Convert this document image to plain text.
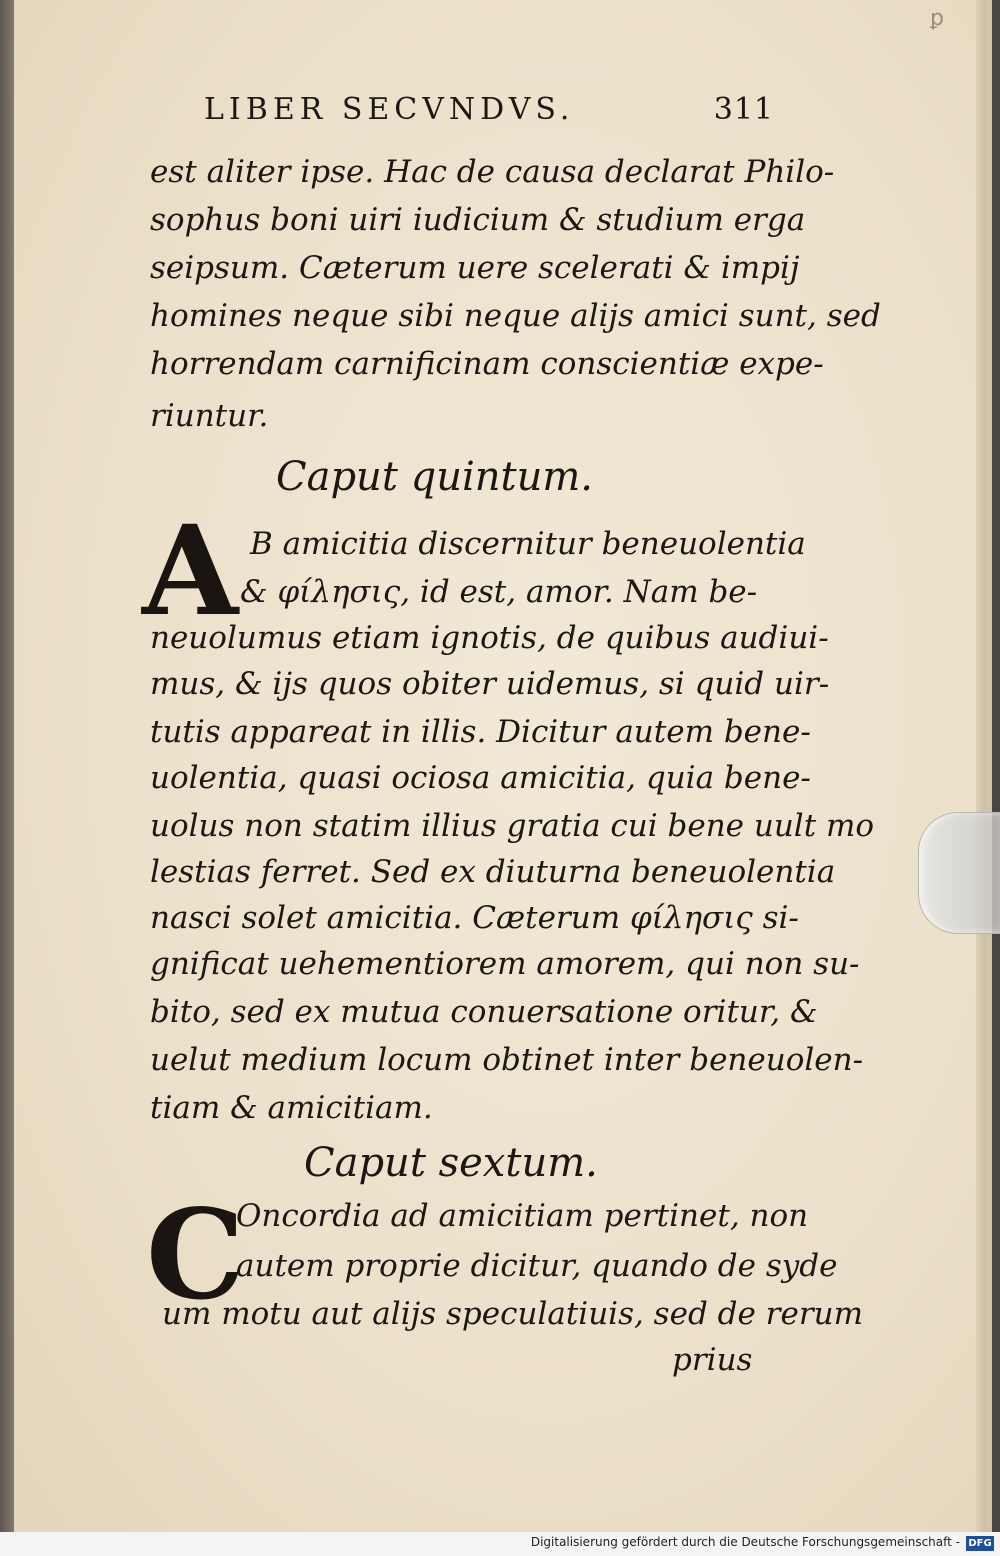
LIBER SECVNDVS.	311
est aliter ipse. Hac de causa declarat Philo-
sophus boni uiri iudicium & studium erga
seipsum. Cæterum uere scelerati & impij
homines neque sibi neque alijs amici sunt, sed
horrendam carnificinam conscientiæ expe-
riuntur.
Caput quintum.
A B amicitia discernitur beneuolentia
& φίλησις, id est, amor. Nam be-
neuolumus etiam ignotis, de quibus audiui-
mus, & ijs quos obiter uidemus, si quid uir-
tutis appareat in illis. Dicitur autem bene-
uolentia, quasi ociosa amicitia, quia bene-
uolus non statim illius gratia cui bene uult mo
lestias ferret. Sed ex diuturna beneuolentia
nasci solet amicitia. Cæterum φίλησις si-
gnificat uehementiorem amorem, qui non su-
bito, sed ex mutua conuersatione oritur, &
uelut medium locum obtinet inter beneuolen-
tiam & amicitiam.
Caput sextum.
C
Oncordia ad amicitiam pertinet, non
autem proprie dicitur, quando de syde
um motu aut alijs speculatiuis, sed de rerum
prius
ꝑ
Digitalisierung gefördert durch die Deutsche Forschungsgemeinschaft - DFG
